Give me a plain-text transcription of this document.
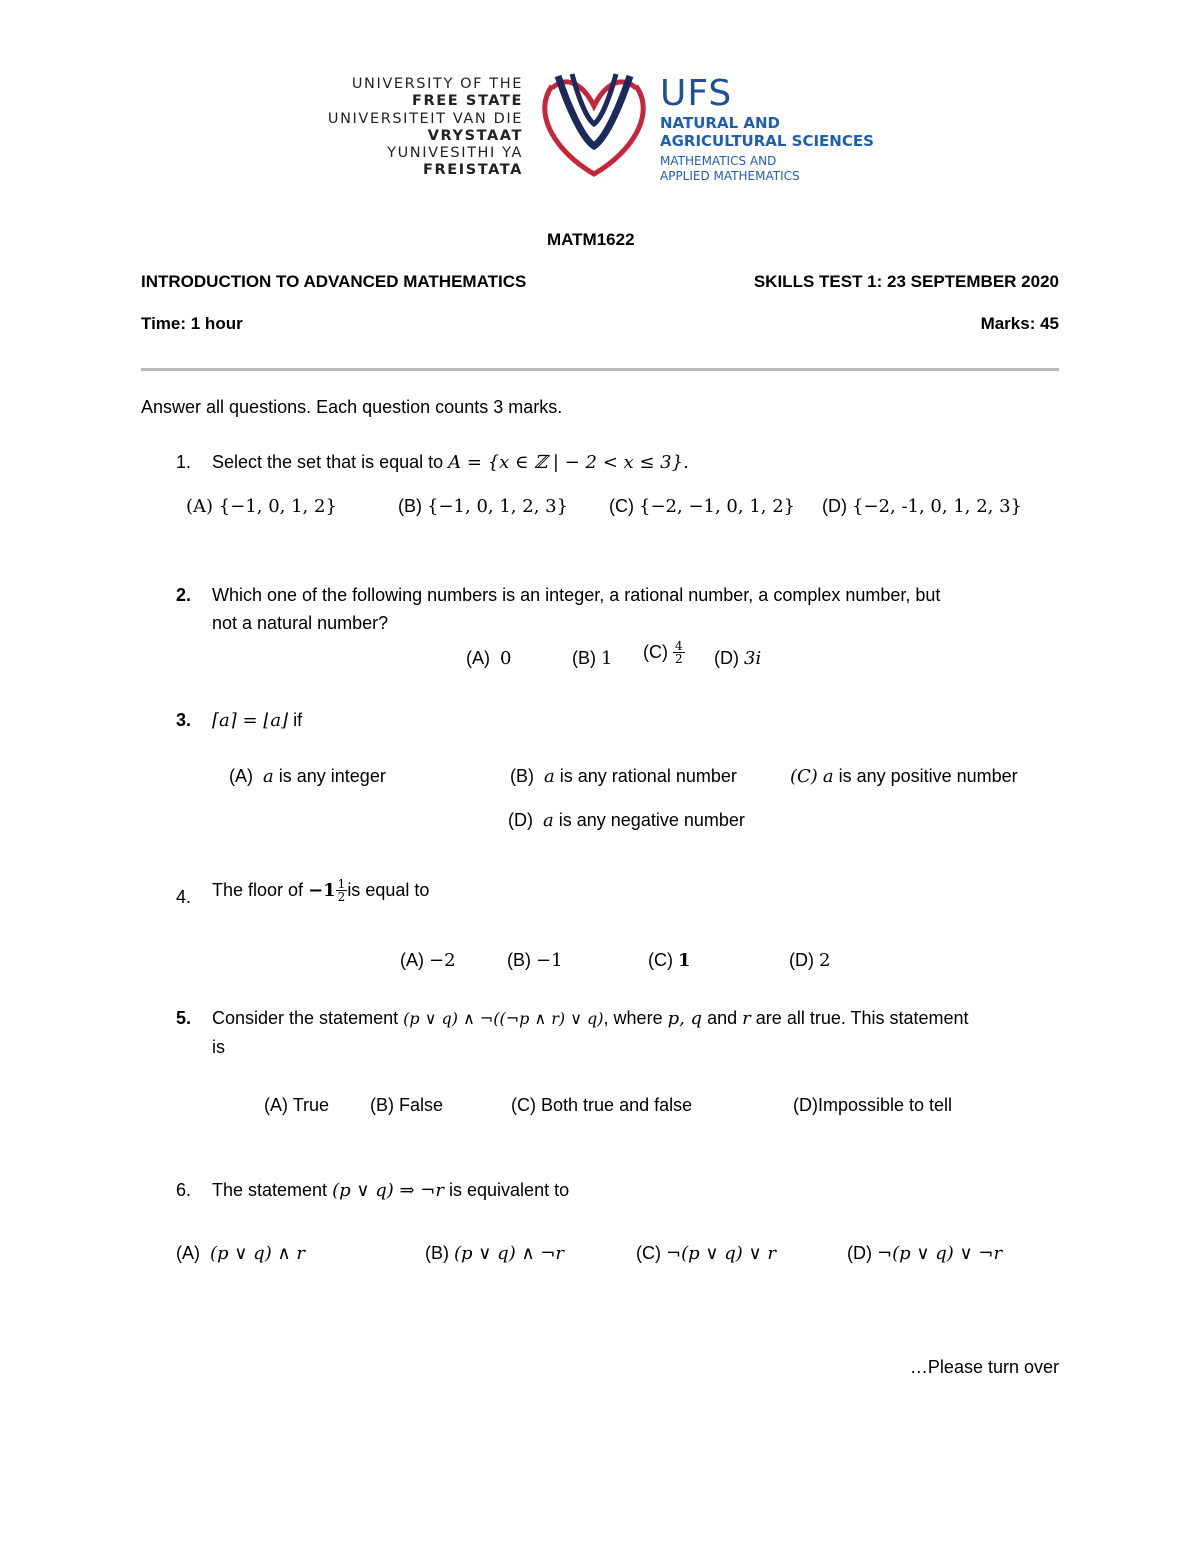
UNIVERSITY OF THE
FREE STATE
UNIVERSITEIT VAN DIE
VRYSTAAT
YUNIVESITHI YA
FREISTATA
UFS
NATURAL AND
AGRICULTURAL SCIENCES
MATHEMATICS AND
APPLIED MATHEMATICS
MATM1622
INTRODUCTION TO ADVANCED MATHEMATICS	SKILLS TEST 1: 23 SEPTEMBER 2020
Time: 1 hour	Marks: 45
Answer all questions. Each question counts 3 marks.
1. Select the set that is equal to A = {x ∈ ℤ | − 2 < x ≤ 3}.
(A) {−1, 0, 1, 2}	(B) {−1, 0, 1, 2, 3} (C) {−2, −1, 0, 1, 2} (D) {−2, -1, 0, 1, 2, 3}
2. Which one of the following numbers is an integer, a rational number, a complex number, but
not a natural number?
(A) 0	(B) 1 $(C) \frac{4}{2} (D)$ 3i
3. ⌈a⌉ = ⌊a⌋ if
(A) a is any integer	(B) a is any rational number	(C) a is any positive number
(D) a is any negative number
4. The floor of $-1 \frac{1}{2}$ is equal to
(A) −2	(B) −1	(C) 1	(D) 2
5. Consider the statement (p ∨ q) ∧ ¬((¬p ∧ r) ∨ q), where p, q and r are all true. This statement
is
(A) True (B) False	(C) Both true and false	(D)Impossible to tell
6. The statement (p ∨ q) ⇒ ¬r is equivalent to
(A) (p ∨ q) ∧ r	(B) (p ∨ q) ∧ ¬r	(C) ¬(p ∨ q) ∨ r	(D) ¬(p ∨ q) ∨ ¬r
…Please turn over
